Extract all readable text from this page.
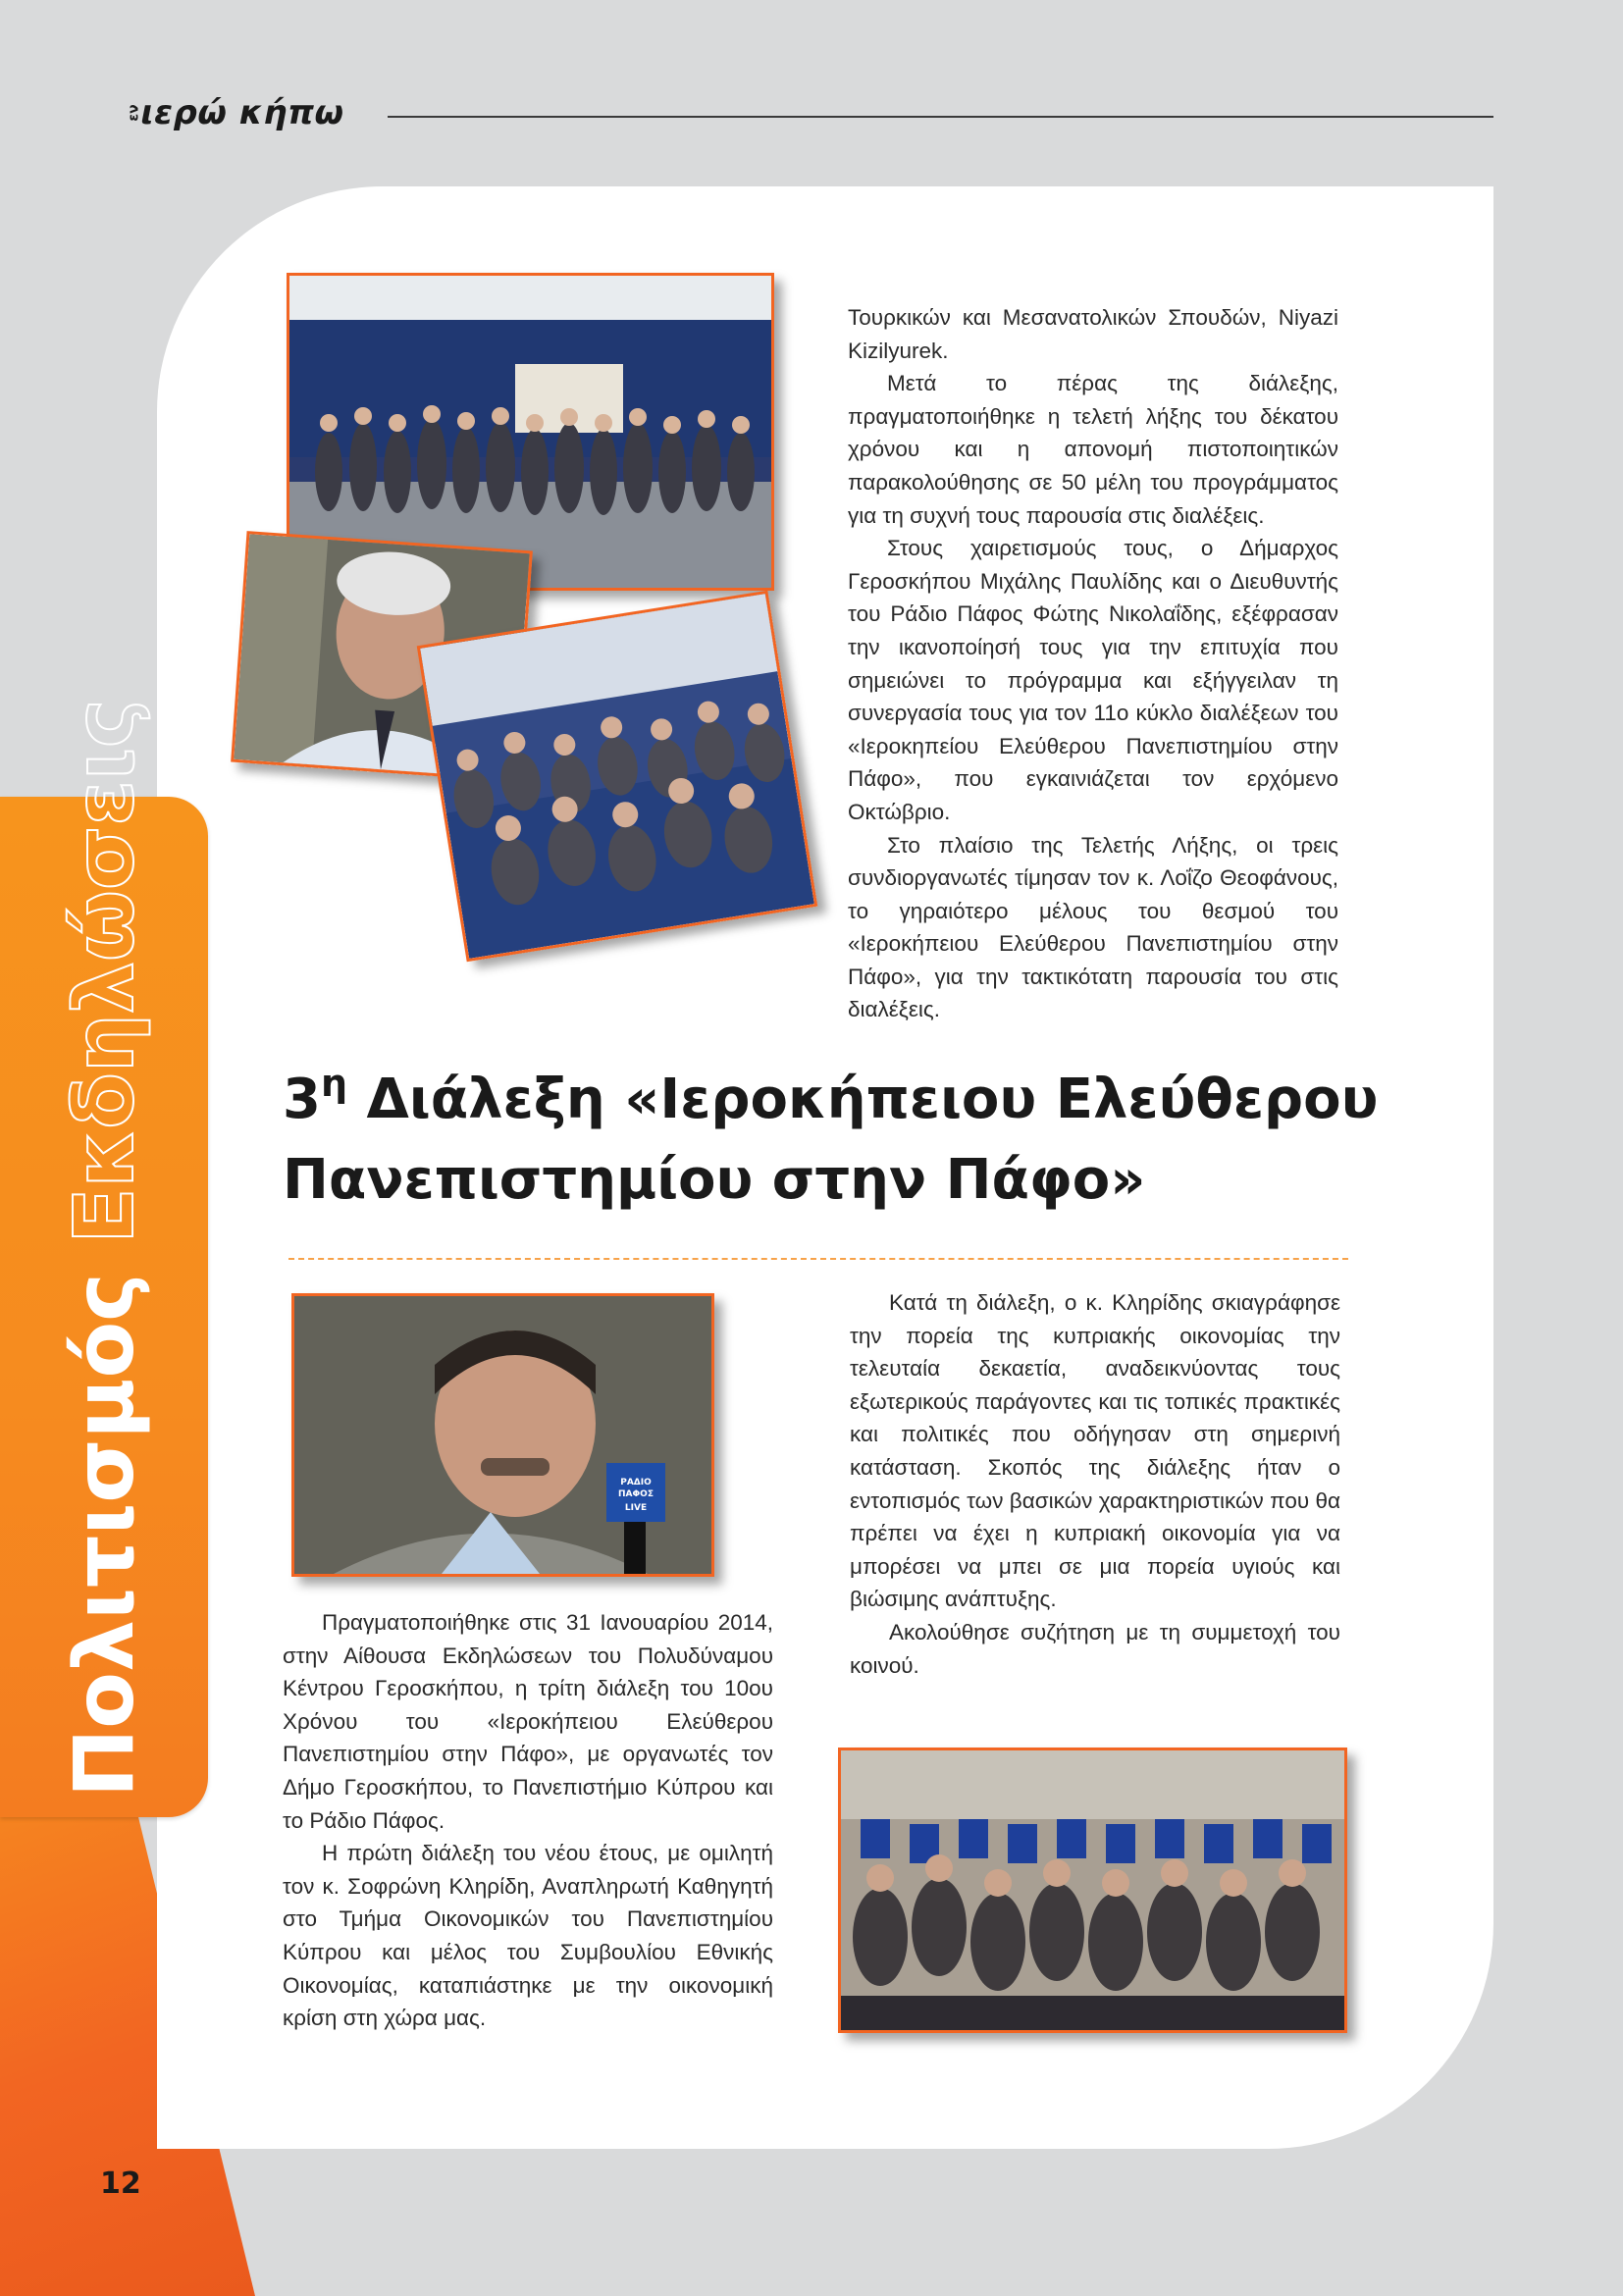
εν
ιερώ κήπω
Πολιτισμός Εκδηλώσεις

Τουρκικών και Μεσανατολικών Σπουδών, Niyazi Kizilyurek.

Μετά το πέρας της διάλεξης, πραγματοποιήθηκε η τελετή λήξης του δέκατου χρόνου και η απονομή πιστοποιητικών παρακολούθησης σε 50 μέλη του προγράμματος για τη συχνή τους παρουσία στις διαλέξεις.

Στους χαιρετισμούς τους, ο Δήμαρχος Γεροσκήπου Μιχάλης Παυλίδης και ο Διευθυντής του Ράδιο Πάφος Φώτης Νικολαΐδης, εξέφρασαν την ικανοποίησή τους για την επιτυχία που σημειώνει το πρόγραμμα και εξήγγειλαν τη συνεργασία τους για τον 11ο κύκλο διαλέξεων του «Ιεροκηπείου Ελεύθερου Πανεπιστημίου στην Πάφο», που εγκαινιάζεται τον ερχόμενο Οκτώβριο.

Στο πλαίσιο της Τελετής Λήξης, οι τρεις συνδιοργανωτές τίμησαν τον κ. Λοΐζο Θεοφάνους, το γηραιότερο μέλους του θεσμού του «Ιεροκήπειου Ελεύθερου Πανεπιστημίου στην Πάφο», για την τακτικότατη παρουσία του στις διαλέξεις.

$3^\eta$ Διάλεξη «Ιεροκήπειου Ελεύθερου Πανεπιστημίου στην Πάφο»
ΡΑΔΙΟ
ΠΑΦΟΣ
LIVE

Πραγματοποιήθηκε στις 31 Ιανουαρίου 2014, στην Αίθουσα Εκδηλώσεων του Πολυδύναμου Κέντρου Γεροσκήπου, η τρίτη διάλεξη του 10ου Χρόνου του «Ιεροκήπειου Ελεύθερου Πανεπιστημίου στην Πάφο», με οργανωτές τον Δήμο Γεροσκήπου, το Πανεπιστήμιο Κύπρου και το Ράδιο Πάφος.

Η πρώτη διάλεξη του νέου έτους, με ομιλητή τον κ. Σοφρώνη Κληρίδη, Αναπληρωτή Καθηγητή στο Τμήμα Οικονομικών του Πανεπιστημίου Κύπρου και μέλος του Συμβουλίου Εθνικής Οικονομίας, καταπιάστηκε με την οικονομική κρίση στη χώρα μας.

Κατά τη διάλεξη, ο κ. Κληρίδης σκιαγράφησε την πορεία της κυπριακής οικονομίας την τελευταία δεκαετία, αναδεικνύοντας τους εξωτερικούς παράγοντες και τις τοπικές πρακτικές και πολιτικές που οδήγησαν στη σημερινή κατάσταση. Σκοπός της διάλεξης ήταν ο εντοπισμός των βασικών χαρακτηριστικών που θα πρέπει να έχει η κυπριακή οικονομία για να μπορέσει να μπει σε μια πορεία υγιούς και βιώσιμης ανάπτυξης.

Ακολούθησε συζήτηση με τη συμμετοχή του κοινού.

12
